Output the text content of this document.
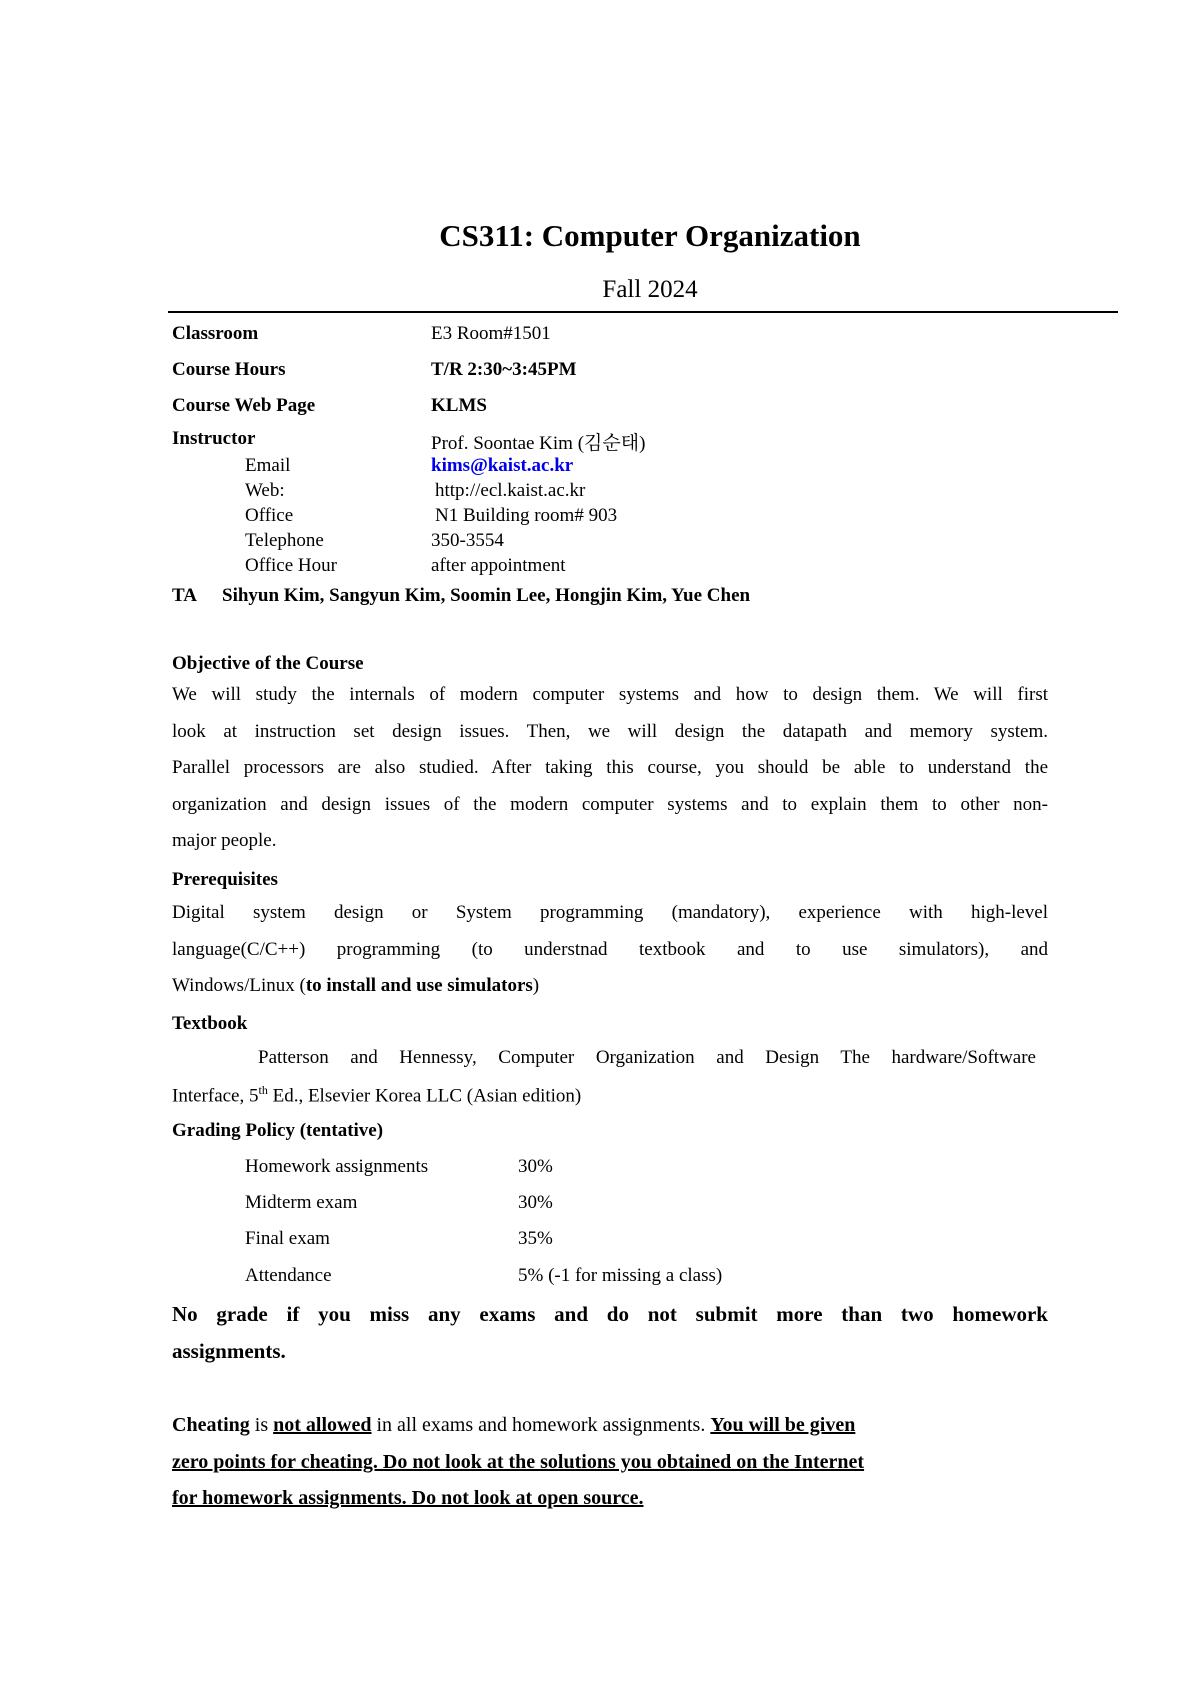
CS311: Computer Organization
Fall 2024
Classroom	E3 Room#1501
Course Hours	T/R 2:30~3:45PM
Course Web Page	KLMS
Instructor	Prof. Soontae Kim (김순태)
Email	kims@kaist.ac.kr
Web:	http://ecl.kaist.ac.kr
Office	N1 Building room# 903
Telephone	350-3554
Office Hour	after appointment
TA Sihyun Kim, Sangyun Kim, Soomin Lee, Hongjin Kim, Yue Chen
Objective of the Course
We will study the internals of modern computer systems and how to design them. We will first
look at instruction set design issues. Then, we will design the datapath and memory system.
Parallel processors are also studied. After taking this course, you should be able to understand the
organization and design issues of the modern computer systems and to explain them to other non-
major people.
Prerequisites
Digital system design or System programming (mandatory), experience with high-level
language(C/C++) programming (to understnad textbook and to use simulators), and
Windows/Linux (to install and use simulators)
Textbook
Patterson and Hennessy, Computer Organization and Design The hardware/Software
Interface, 5th Ed., Elsevier Korea LLC (Asian edition)
Grading Policy (tentative)
Homework assignments	30%
Midterm exam	30%
Final exam	35%
Attendance	5% (-1 for missing a class)
No grade if you miss any exams and do not submit more than two homework
assignments.
Cheating is not allowed in all exams and homework assignments. You will be given
zero points for cheating. Do not look at the solutions you obtained on the Internet
for homework assignments. Do not look at open source.
